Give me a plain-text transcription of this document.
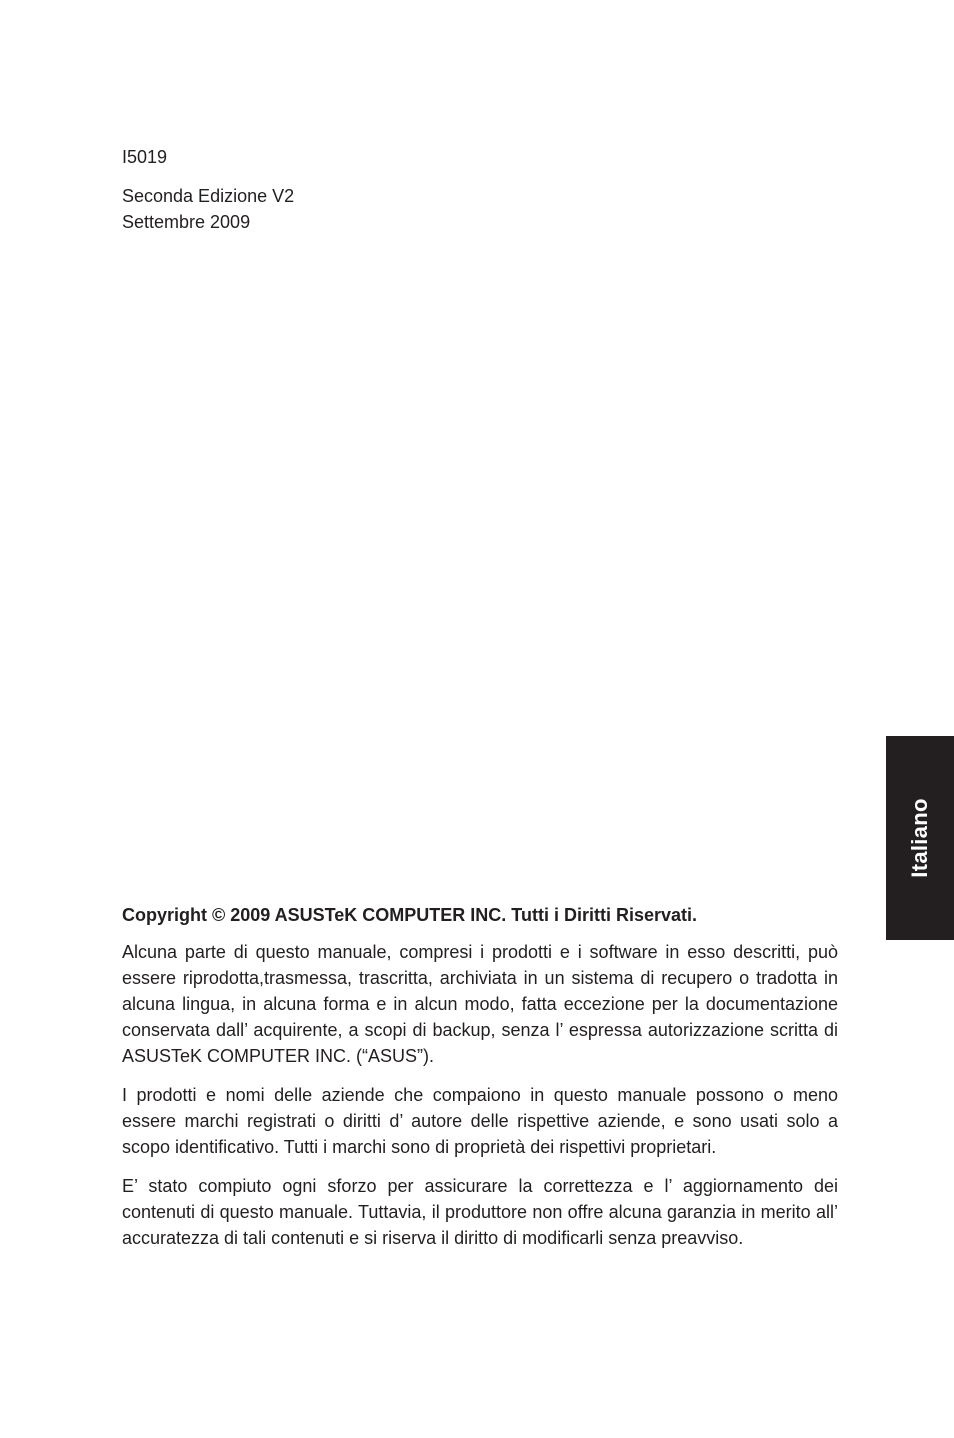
I5019

Seconda Edizione V2
Settembre 2009
Italiano
Copyright © 2009 ASUSTeK COMPUTER INC. Tutti i Diritti Riservati.

Alcuna parte di questo manuale, compresi i prodotti e i software in esso descritti, può essere riprodotta,trasmessa, trascritta, archiviata in un sistema di recupero o tradotta in alcuna lingua, in alcuna forma e in alcun modo, fatta eccezione per la documentazione conservata dall’ acquirente, a scopi di backup, senza l’ espressa autorizzazione scritta di ASUSTeK COMPUTER INC. (“ASUS”).

I prodotti e nomi delle aziende che compaiono in questo manuale possono o meno essere marchi registrati o diritti d’ autore delle rispettive aziende, e sono usati solo a scopo identificativo. Tutti i marchi sono di proprietà dei rispettivi proprietari.

E’ stato compiuto ogni sforzo per assicurare la correttezza e l’ aggiornamento dei contenuti di questo manuale. Tuttavia, il produttore non offre alcuna garanzia in merito all’ accuratezza di tali contenuti e si riserva il diritto di modificarli senza preavviso.
